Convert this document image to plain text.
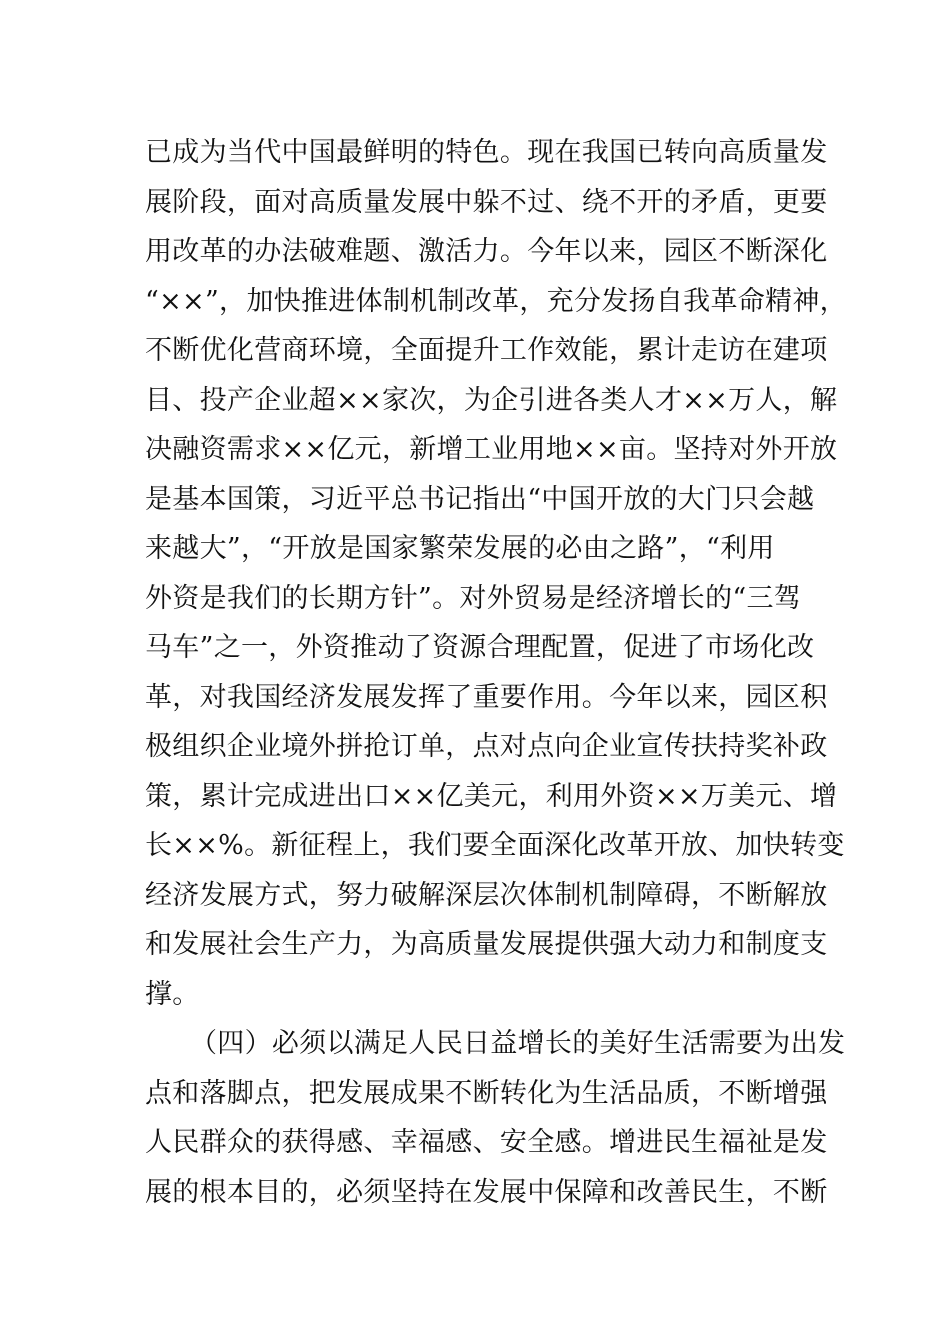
已成为当代中国最鲜明的特色。现在我国已转向高质量发
展阶段，面对高质量发展中躲不过、绕不开的矛盾，更要
用改革的办法破难题、激活力。今年以来，园区不断深化
“××”，加快推进体制机制改革，充分发扬自我革命精神，
不断优化营商环境，全面提升工作效能，累计走访在建项
目、投产企业超××家次，为企引进各类人才××万人，解
决融资需求××亿元，新增工业用地××亩。坚持对外开放
是基本国策，习近平总书记指出“中国开放的大门只会越
来越大”，“开放是国家繁荣发展的必由之路”，“利用
外资是我们的长期方针”。对外贸易是经济增长的“三驾
马车”之一，外资推动了资源合理配置，促进了市场化改
革，对我国经济发展发挥了重要作用。今年以来，园区积
极组织企业境外拼抢订单，点对点向企业宣传扶持奖补政
策，累计完成进出口××亿美元，利用外资××万美元、增
长××%。新征程上，我们要全面深化改革开放、加快转变
经济发展方式，努力破解深层次体制机制障碍，不断解放
和发展社会生产力，为高质量发展提供强大动力和制度支
撑。
（四）必须以满足人民日益增长的美好生活需要为出发
点和落脚点，把发展成果不断转化为生活品质，不断增强
人民群众的获得感、幸福感、安全感。增进民生福祉是发
展的根本目的，必须坚持在发展中保障和改善民生，不断
